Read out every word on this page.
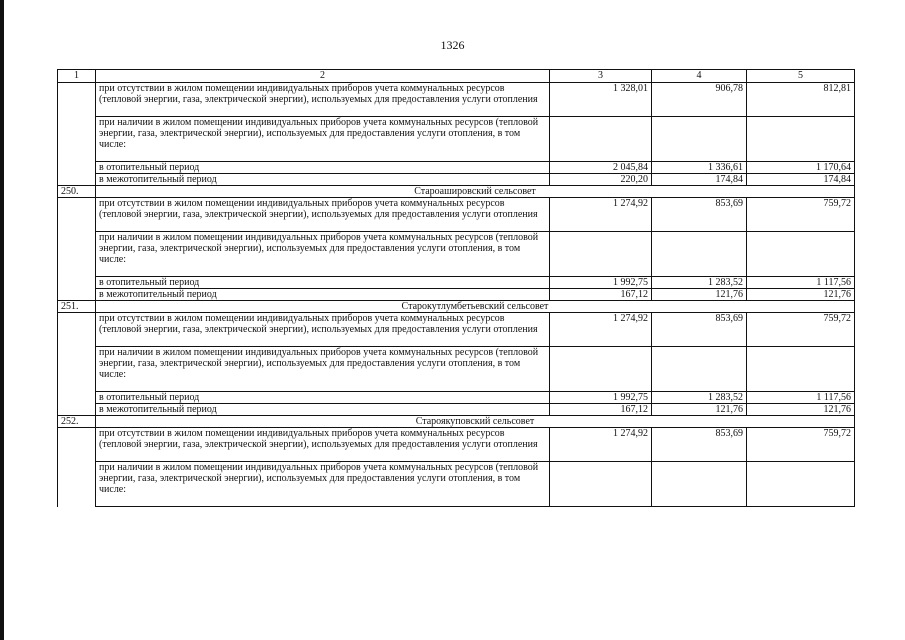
1326
1	2	3	4	5
	при отсутствии в жилом помещении индивидуальных приборов учета коммунальных ресурсов (тепловой энергии, газа, электрической энергии), используемых для предоставления услуги отопления	1 328,01	906,78	812,81
	при наличии в жилом помещении индивидуальных приборов учета коммунальных ресурсов (тепловой энергии, газа, электрической энергии), используемых для предоставления услуги отопления, в том числе:			
	в отопительный период	2 045,84	1 336,61	1 170,64
	в межотопительный период	220,20	174,84	174,84
250.	Староаширoвский сельсовет			
	при отсутствии в жилом помещении индивидуальных приборов учета коммунальных ресурсов (тепловой энергии, газа, электрической энергии), используемых для предоставления услуги отопления	1 274,92	853,69	759,72
	при наличии в жилом помещении индивидуальных приборов учета коммунальных ресурсов (тепловой энергии, газа, электрической энергии), используемых для предоставления услуги отопления, в том числе:			
	в отопительный период	1 992,75	1 283,52	1 117,56
	в межотопительный период	167,12	121,76	121,76
251.	Старокутлумбетьевский сельсовет			
	при отсутствии в жилом помещении индивидуальных приборов учета коммунальных ресурсов (тепловой энергии, газа, электрической энергии), используемых для предоставления услуги отопления	1 274,92	853,69	759,72
	при наличии в жилом помещении индивидуальных приборов учета коммунальных ресурсов (тепловой энергии, газа, электрической энергии), используемых для предоставления услуги отопления, в том числе:			
	в отопительный период	1 992,75	1 283,52	1 117,56
	в межотопительный период	167,12	121,76	121,76
252.	Староякуповский сельсовет			
	при отсутствии в жилом помещении индивидуальных приборов учета коммунальных ресурсов (тепловой энергии, газа, электрической энергии), используемых для предоставления услуги отопления	1 274,92	853,69	759,72
	при наличии в жилом помещении индивидуальных приборов учета коммунальных ресурсов (тепловой энергии, газа, электрической энергии), используемых для предоставления услуги отопления, в том числе:			
